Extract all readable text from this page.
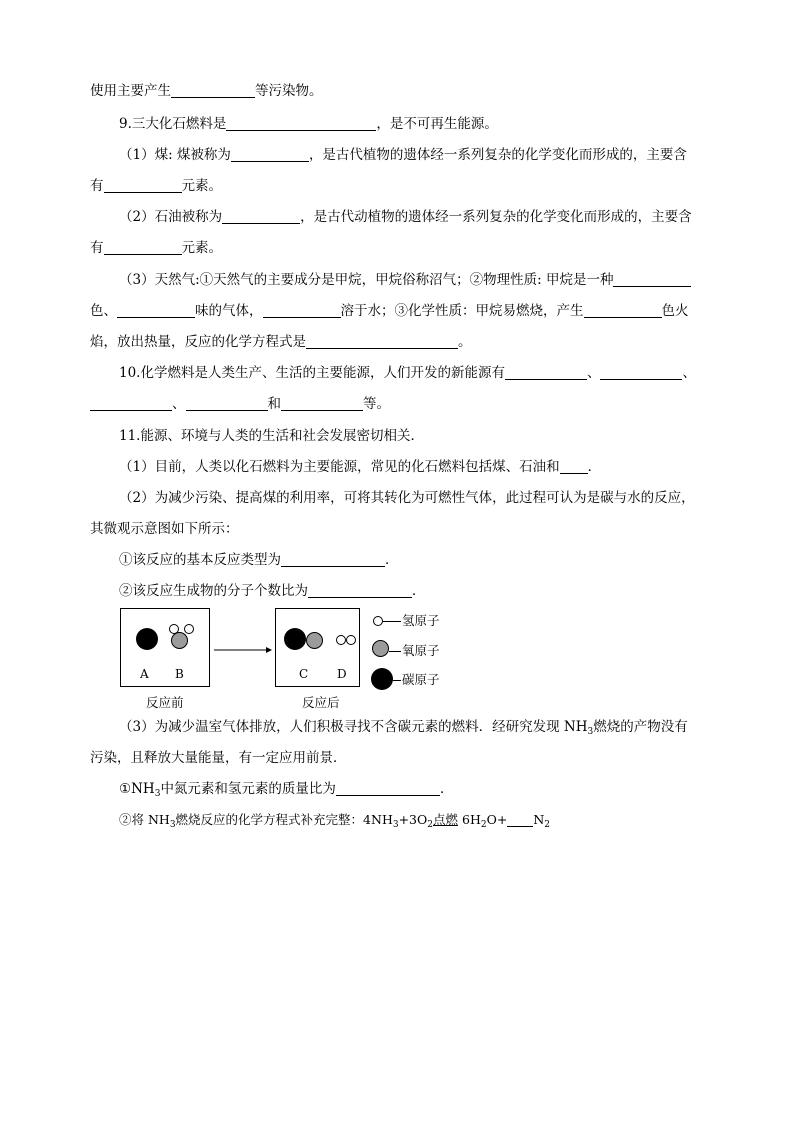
使用主要产生	等污染物。
9.三大化石燃料是	，是不可再生能源。
（1）煤: 煤被称为	，是古代植物的遗体经一系列复杂的化学变化而形成的，主要含
有	元素。
（2）石油被称为	，是古代动植物的遗体经一系列复杂的化学变化而形成的，主要含
有	元素。
（3）天然气:①天然气的主要成分是甲烷，甲烷俗称沼气；②物理性质: 甲烷是一种
色、	味的气体，	溶于水；③化学性质：甲烷易燃烧，产生	色火
焰，放出热量，反应的化学方程式是	。
10.化学燃料是人类生产、生活的主要能源，人们开发的新能源有	、	、
、	和	等。
11.能源、环境与人类的生活和社会发展密切相关．
（1）目前，人类以化石燃料为主要能源，常见的化石燃料包括煤、石油和 ．
（2）为减少污染、提高煤的利用率，可将其转化为可燃性气体，此过程可认为是碳与水的反应，
其微观示意图如下所示：
①该反应的基本反应类型为	．
②该反应生成物的分子个数比为	．
A B	C D
反应前	反应后
氢原子
氧原子
碳原子
（3）为减少温室气体排放，人们积极寻找不含碳元素的燃料．经研究发现 $NH_3$燃烧的产物没有
污染，且释放大量能量，有一定应用前景．
$①NH_3$中氮元素和氢元素的质量比为	．
②将 $NH_3$燃烧反应的化学方程式补充完整：$4NH_3+3O_2$点燃 $6H_2O+ N_2$
